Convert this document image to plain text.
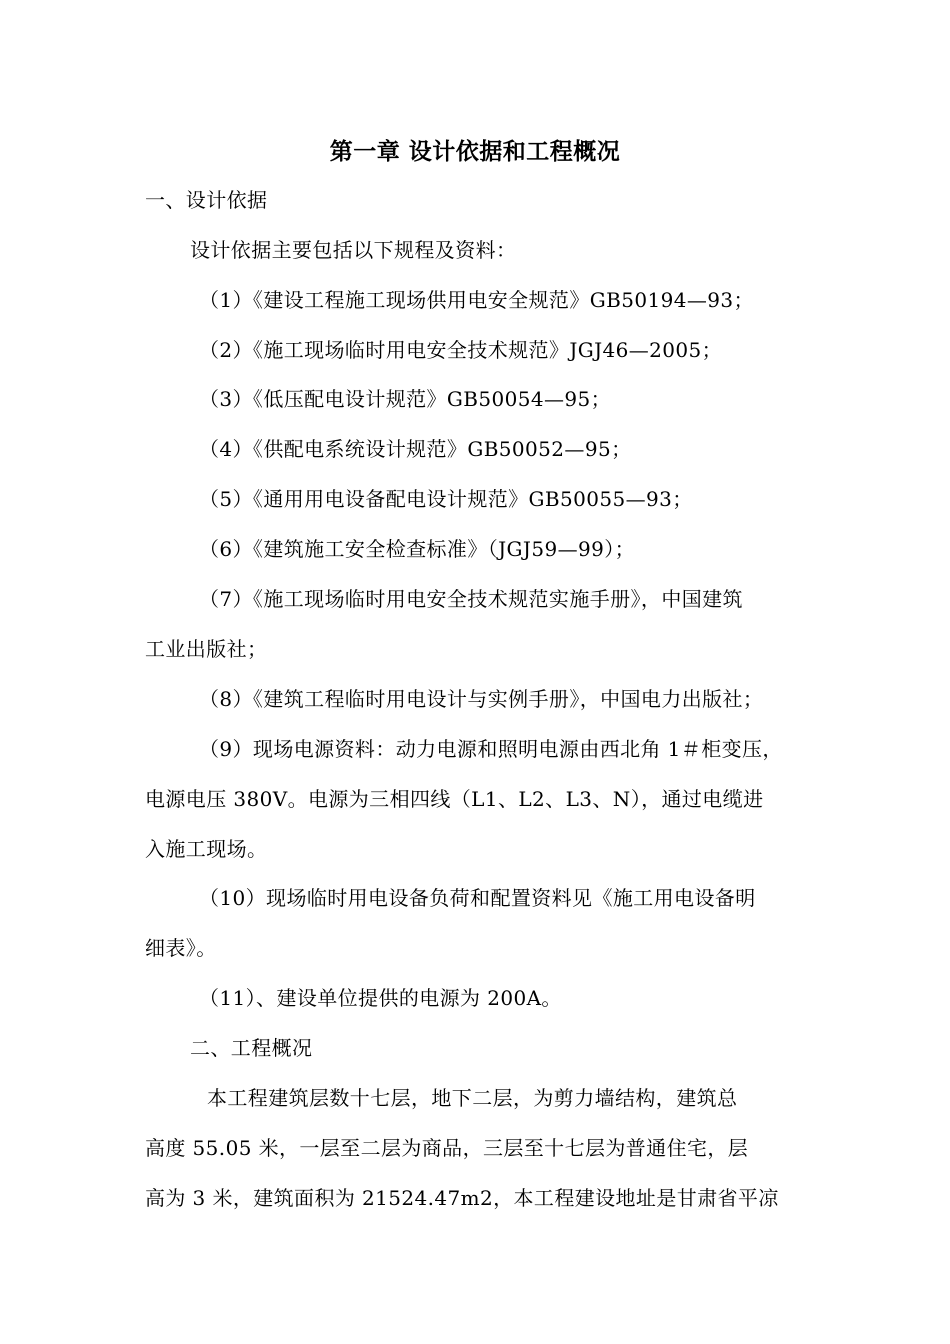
第一章 设计依据和工程概况
一、设计依据
设计依据主要包括以下规程及资料：
（1）《建设工程施工现场供用电安全规范》GB50194—93；
（2）《施工现场临时用电安全技术规范》JGJ46—2005；
（3）《低压配电设计规范》GB50054—95；
（4）《供配电系统设计规范》GB50052—95；
（5）《通用用电设备配电设计规范》GB50055—93；
（6）《建筑施工安全检查标准》（JGJ59—99）；
（7）《施工现场临时用电安全技术规范实施手册》，中国建筑
工业出版社；
（8）《建筑工程临时用电设计与实例手册》，中国电力出版社；
（9）现场电源资料：动力电源和照明电源由西北角 1＃柜变压，
电源电压 380V。电源为三相四线（L1、L2、L3、N），通过电缆进
入施工现场。
（10）现场临时用电设备负荷和配置资料见《施工用电设备明
细表》。
（11）、建设单位提供的电源为 200A。
二、工程概况
本工程建筑层数十七层，地下二层，为剪力墙结构，建筑总
高度 55.05 米，一层至二层为商品，三层至十七层为普通住宅，层
高为 3 米，建筑面积为 21524.47m2，本工程建设地址是甘肃省平凉
